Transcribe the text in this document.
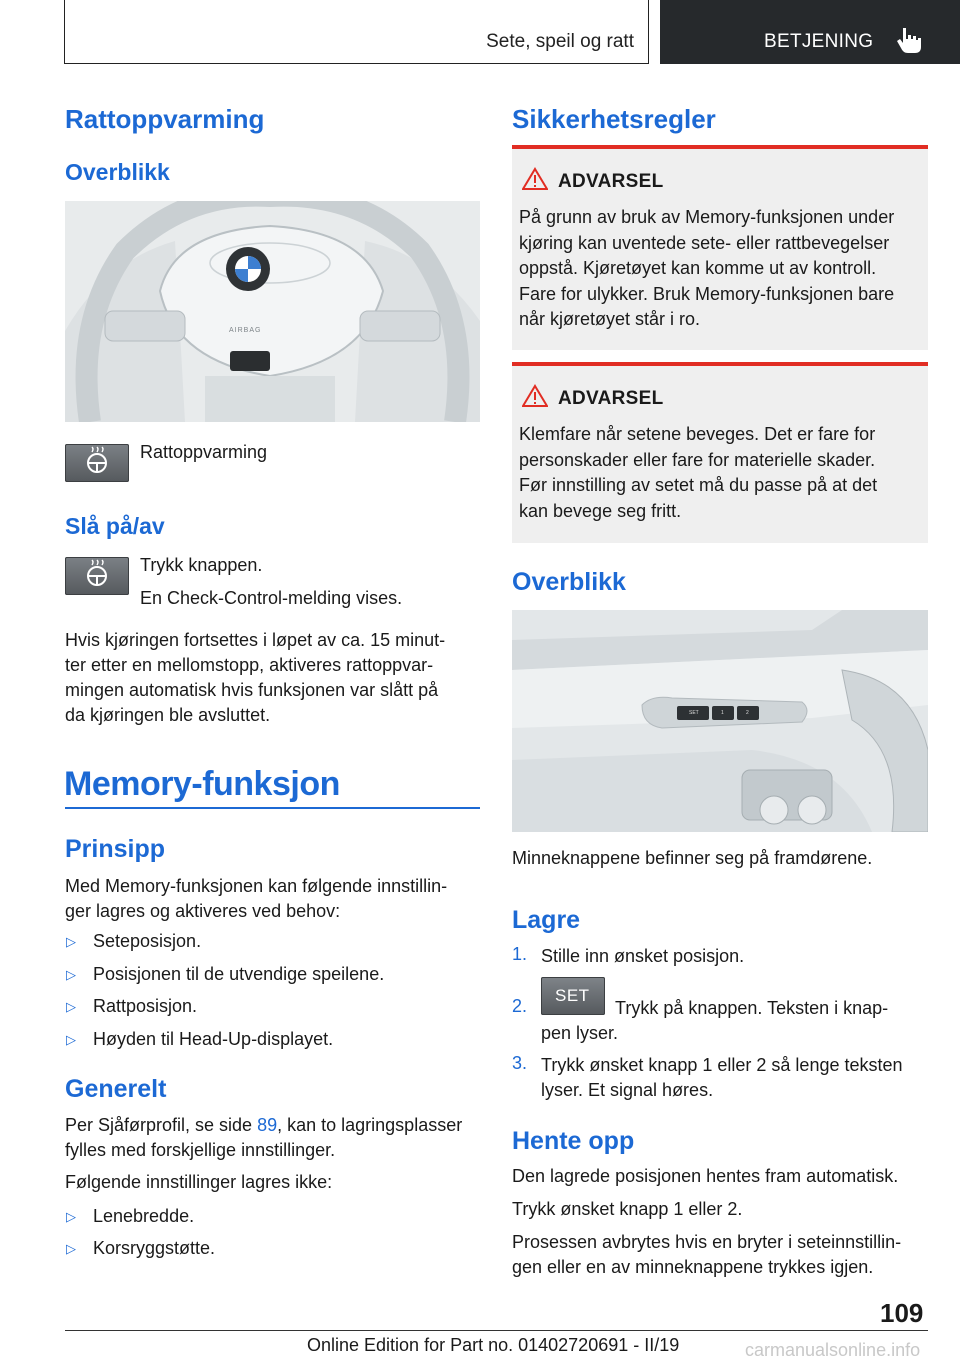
Sete, speil og ratt	BETJENING
Rattoppvarming
Overblikk
AIRBAG

Rattoppvarming

Slå på/av

Trykk knappen.

En Check-Control-melding vises.

Hvis kjøringen fortsettes i løpet av ca. 15 minut-

ter etter en mellomstopp, aktiveres rattoppvar-

mingen automatisk hvis funksjonen var slått på

da kjøringen ble avsluttet.

Memory-funksjon
Prinsipp

Med Memory-funksjonen kan følgende innstillin-

ger lagres og aktiveres ved behov:

▷ Seteposisjon.

▷ Posisjonen til de utvendige speilene.

▷ Rattposisjon.

▷ Høyden til Head-Up-displayet.

Generelt

Per Sjåførprofil, se side 89, kan to lagringsplasser

fylles med forskjellige innstillinger.

Følgende innstillinger lagres ikke:

▷ Lenebredde.

▷ Korsryggstøtte.

Sikkerhetsregler
ADVARSEL
På grunn av bruk av Memory-funksjonen under
kjøring kan uventede sete- eller rattbevegelser
oppstå. Kjøretøyet kan komme ut av kontroll.
Fare for ulykker. Bruk Memory-funksjonen bare
når kjøretøyet står i ro.
ADVARSEL
Klemfare når setene beveges. Det er fare for
personskader eller fare for materielle skader.
Før innstilling av setet må du passe på at det
kan bevege seg fritt.
Overblikk
SET	1	2

Minneknappene befinner seg på framdørene.

Lagre
1. Stille inn ønsket posisjon.

2.
SET

Trykk på knappen. Teksten i knap-

pen lyser.

3. Trykk ønsket knapp 1 eller 2 så lenge teksten

lyser. Et signal høres.

Hente opp

Den lagrede posisjonen hentes fram automatisk.

Trykk ønsket knapp 1 eller 2.

Prosessen avbrytes hvis en bryter i seteinnstillin-

gen eller en av minneknappene trykkes igjen.

109
Online Edition for Part no. 01402720691 - II/19	carmanualsonline.info
